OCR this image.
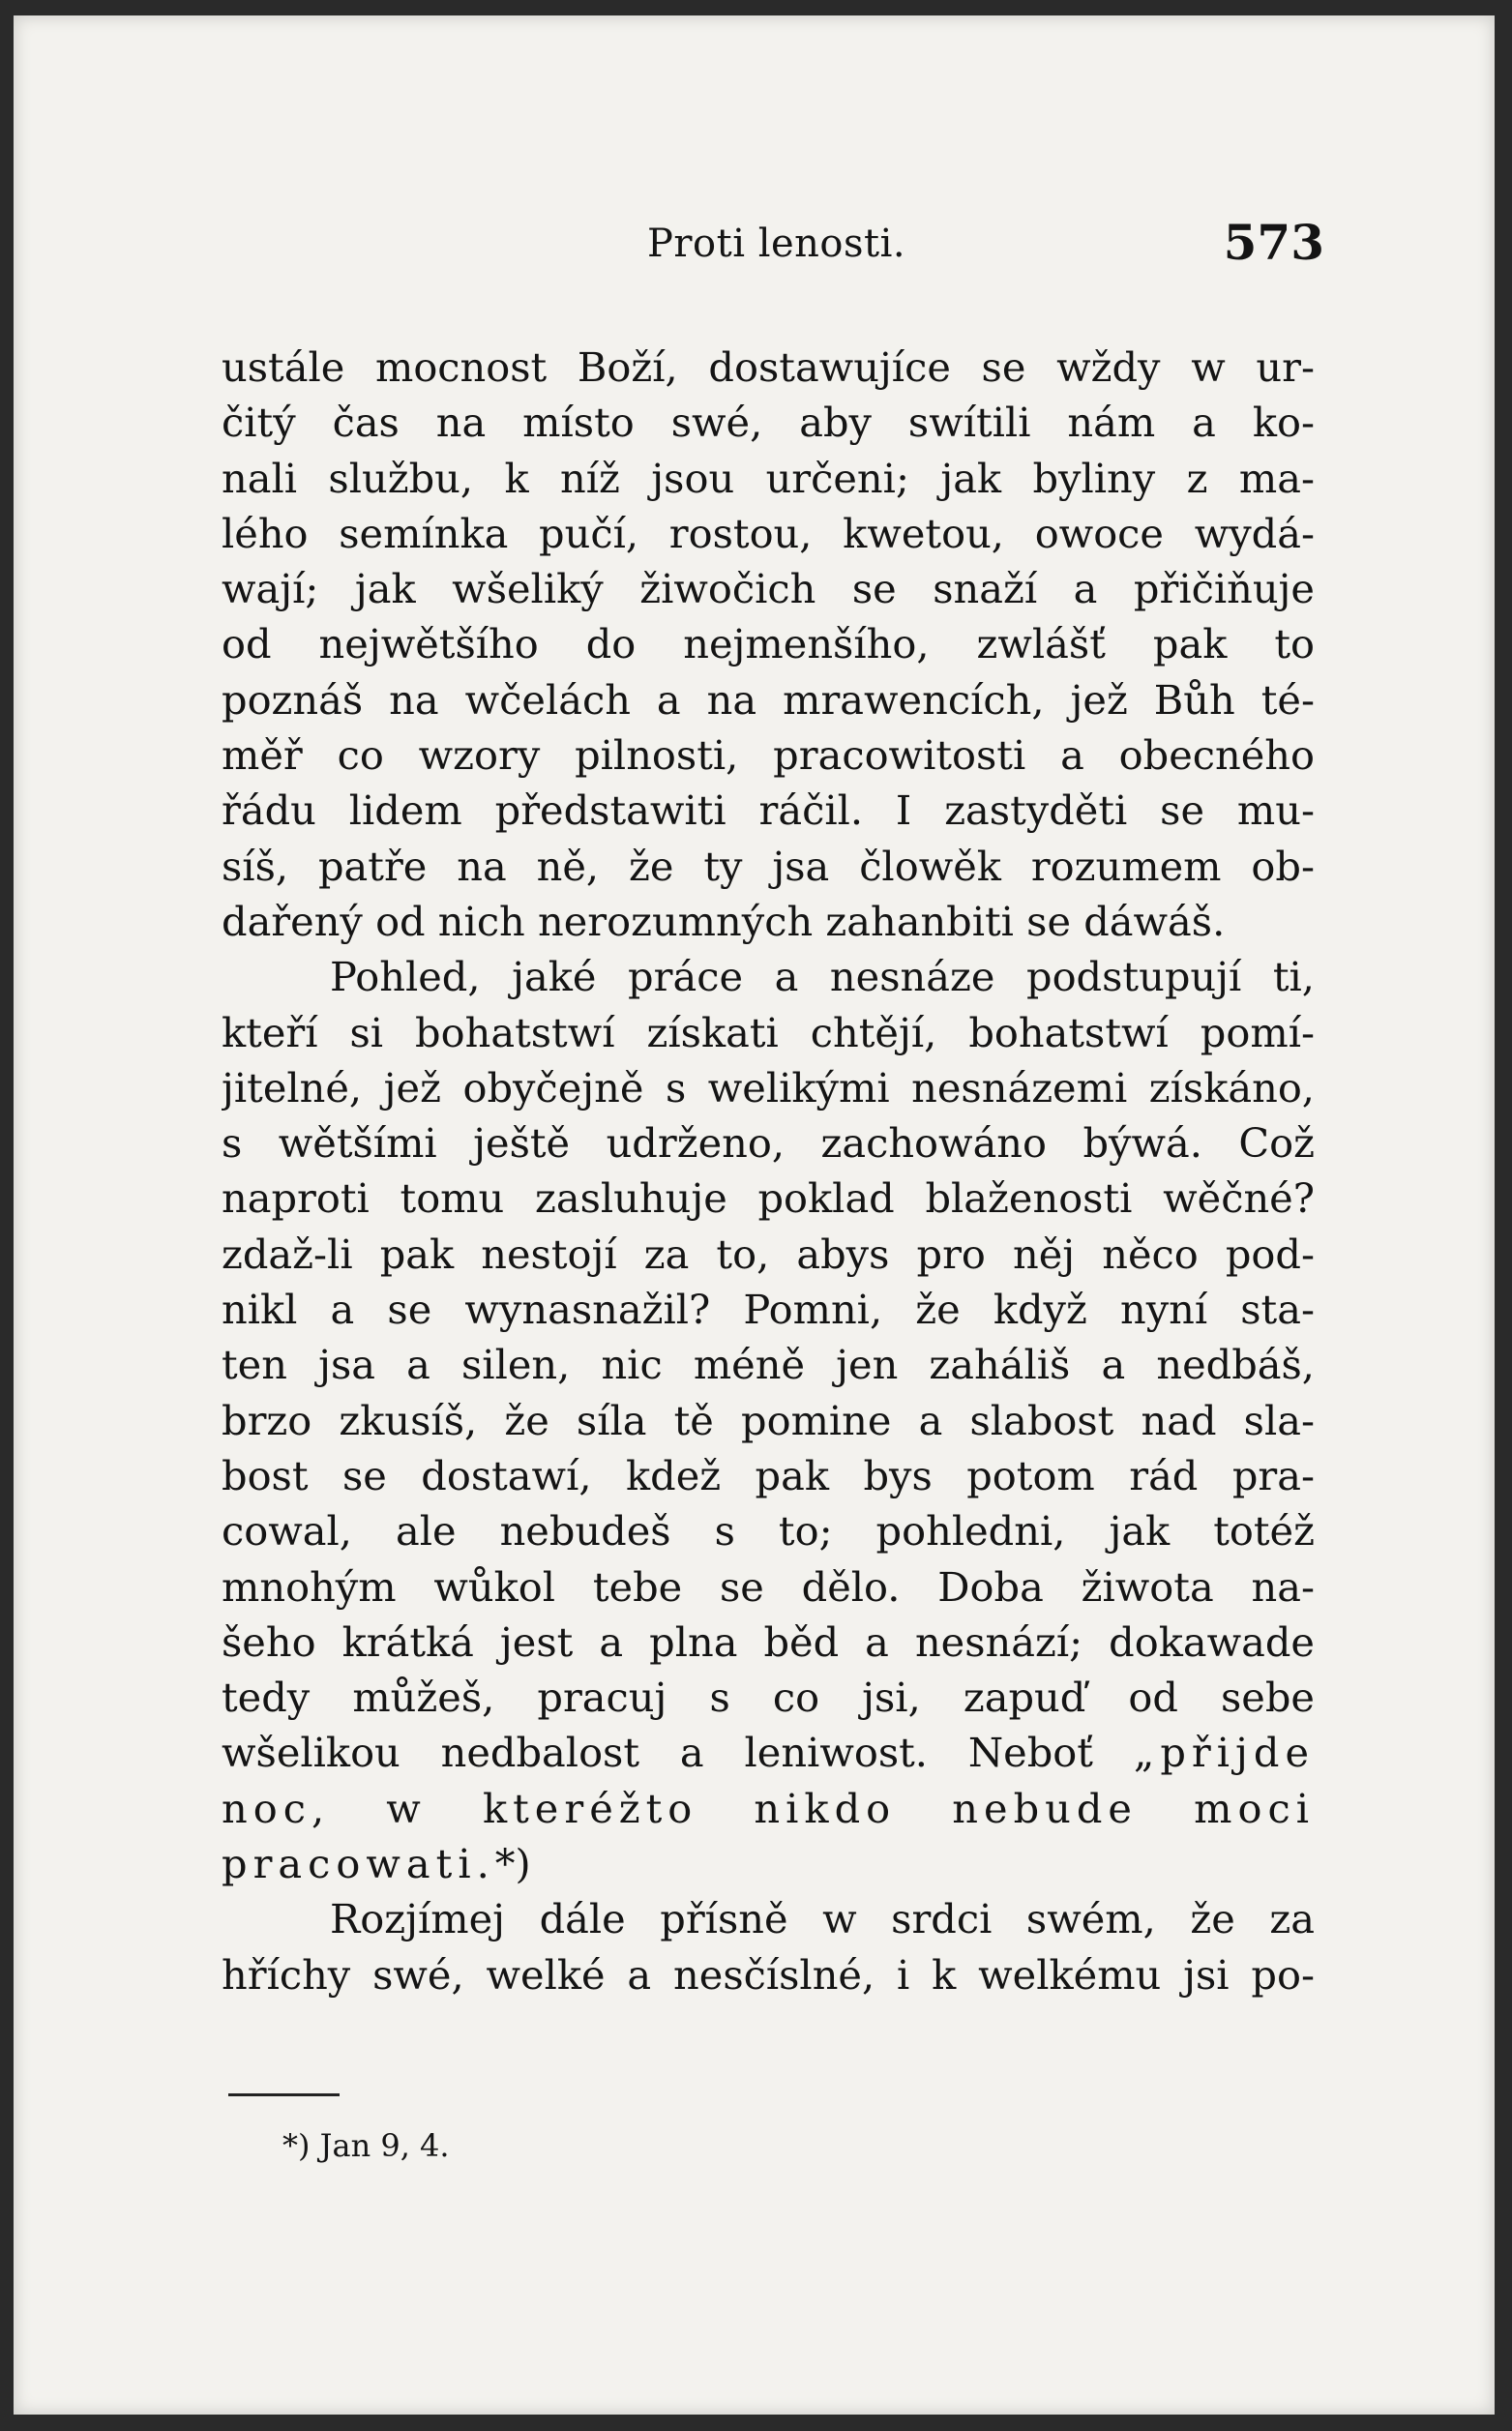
Proti lenosti.	573
ustále mocnost Boží, dostawujíce se wždy w ur-
čitý čas na místo swé, aby swítili nám a ko-
nali službu, k níž jsou určeni; jak byliny z ma-
lého semínka pučí, rostou, kwetou, owoce wydá-
wají; jak wšeliký žiwočich se snaží a přičiňuje
od nejwětšího do nejmenšího, zwlášť pak to
poznáš na wčelách a na mrawencích, jež Bůh té-
měř co wzory pilnosti, pracowitosti a obecného
řádu lidem předstawiti ráčil. I zastyděti se mu-
síš, patře na ně, že ty jsa člowěk rozumem ob-
dařený od nich nerozumných zahanbiti se dáwáš.
Pohled, jaké práce a nesnáze podstupují ti,
kteří si bohatstwí získati chtějí, bohatstwí pomí-
jitelné, jež obyčejně s welikými nesnázemi získáno,
s wětšími ještě udrženo, zachowáno býwá. Což
naproti tomu zasluhuje poklad blaženosti wěčné?
zdaž-li pak nestojí za to, abys pro něj něco pod-
nikl a se wynasnažil? Pomni, že když nyní sta-
ten jsa a silen, nic méně jen zaháliš a nedbáš,
brzo zkusíš, že síla tě pomine a slabost nad sla-
bost se dostawí, kdež pak bys potom rád pra-
cowal, ale nebudeš s to; pohledni, jak totéž
mnohým wůkol tebe se dělo. Doba žiwota na-
šeho krátká jest a plna běd a nesnází; dokawade
tedy můžeš, pracuj s co jsi, zapuď od sebe
wšelikou nedbalost a leniwost. Neboť „přijde
noc, w kteréžto nikdo nebude moci
pracowati.*)
Rozjímej dále přísně w srdci swém, že za
hříchy swé, welké a nesčíslné, i k welkému jsi po-
*) Jan 9, 4.
